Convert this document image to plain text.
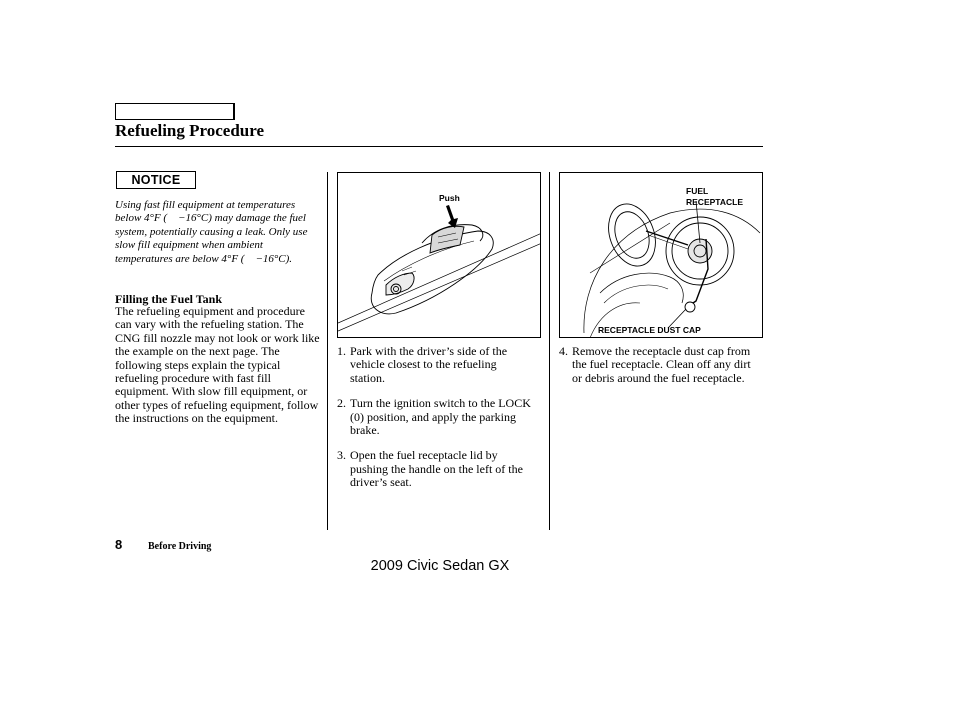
Refueling Procedure
NOTICE
Using fast fill equipment at temperatures below 4°F ( −16°C) may damage the fuel system, potentially causing a leak. Only use slow fill equipment when ambient temperatures are below 4°F ( −16°C).
Filling the Fuel Tank
The refueling equipment and procedure can vary with the refueling station. The CNG fill nozzle may not look or work like the example on the next page. The following steps explain the typical refueling procedure with fast fill equipment. With slow fill equipment, or other types of refueling equipment, follow the instructions on the equipment.
Push
1. Park with the driver’s side of the vehicle closest to the refueling station.
2. Turn the ignition switch to the LOCK (0) position, and apply the parking brake.
3. Open the fuel receptacle lid by pushing the handle on the left of the driver’s seat.
FUEL
RECEPTACLE
RECEPTACLE DUST CAP
4. Remove the receptacle dust cap from the fuel receptacle. Clean off any dirt or debris around the fuel receptacle.
8	Before Driving
2009 Civic Sedan GX
